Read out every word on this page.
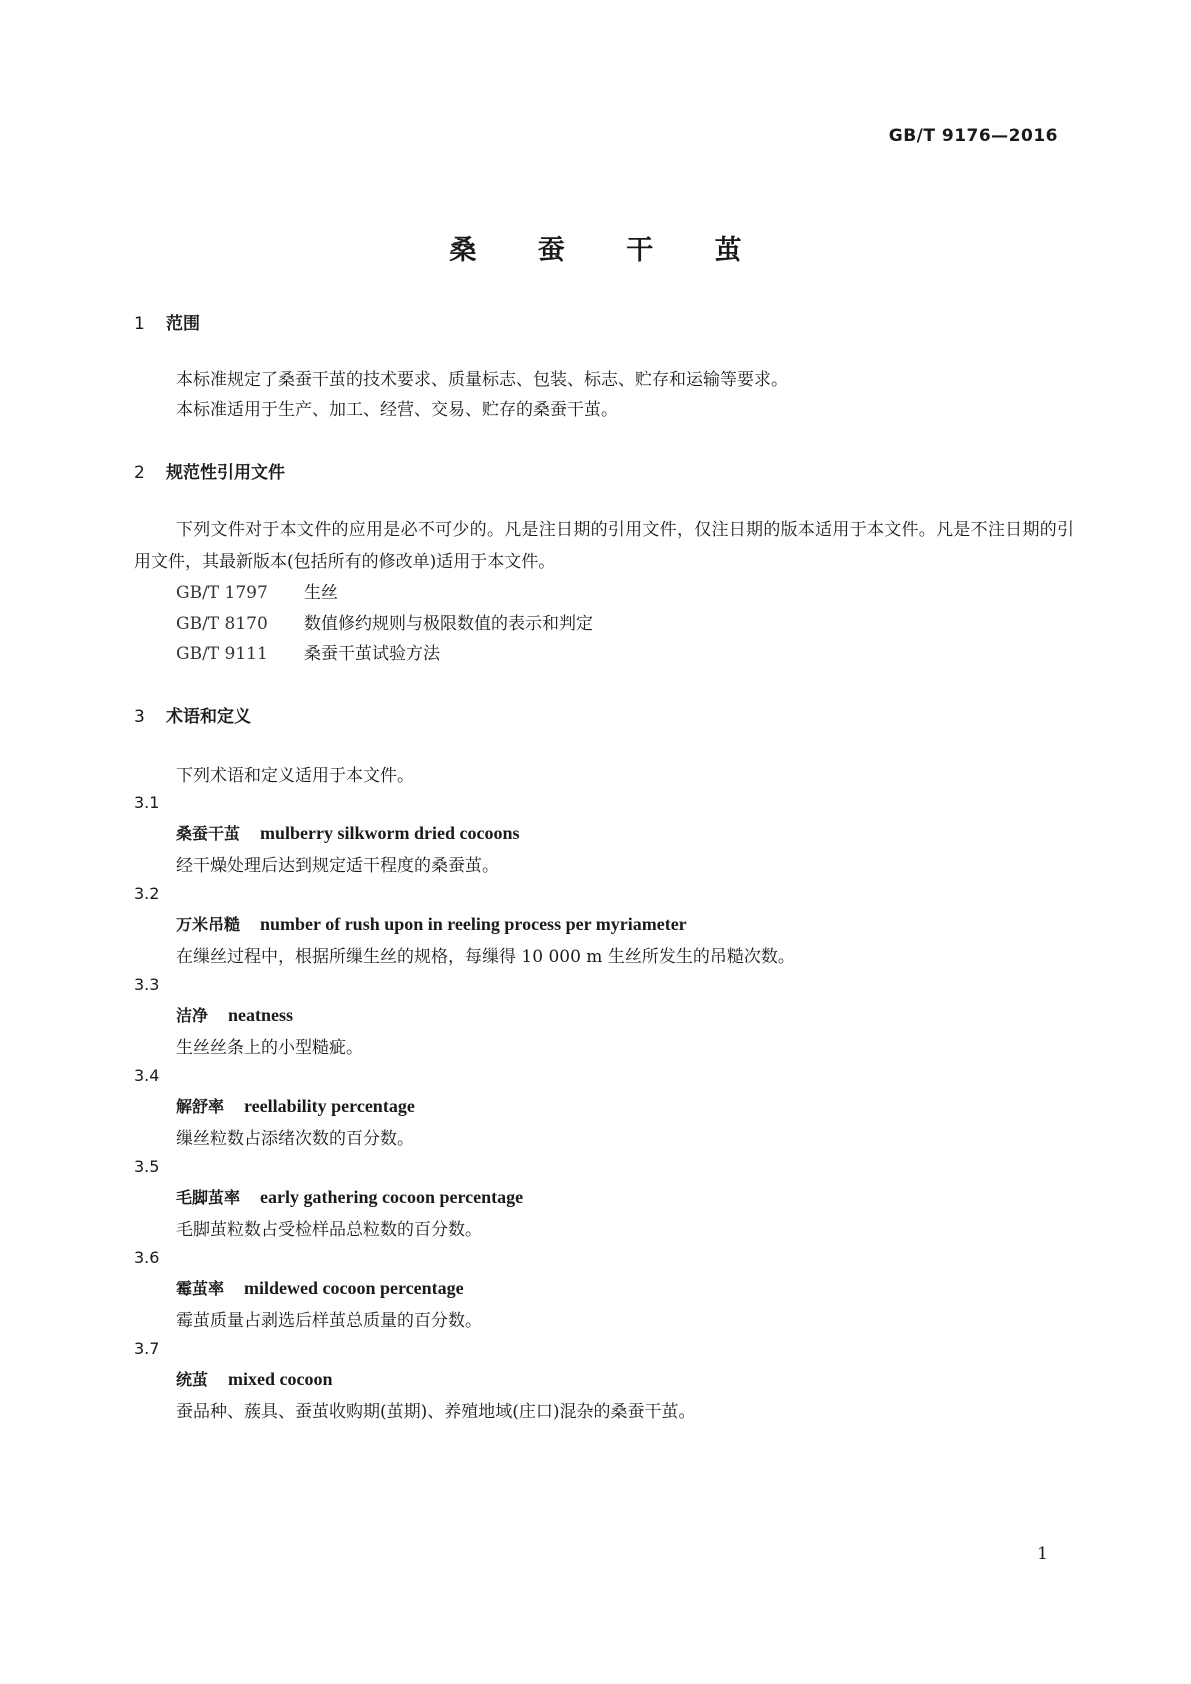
GB/T 9176—2016
桑 蚕 干 茧
1 范围

本标准规定了桑蚕干茧的技术要求、质量标志、包装、标志、贮存和运输等要求。

本标准适用于生产、加工、经营、交易、贮存的桑蚕干茧。

2 规范性引用文件

下列文件对于本文件的应用是必不可少的。凡是注日期的引用文件，仅注日期的版本适用于本文件。凡是不注日期的引用文件，其最新版本(包括所有的修改单)适用于本文件。

GB/T 1797 生丝
GB/T 8170 数值修约规则与极限数值的表示和判定
GB/T 9111 桑蚕干茧试验方法
3 术语和定义
下列术语和定义适用于本文件。
3.1
桑蚕干茧 mulberry silkworm dried cocoons
经干燥处理后达到规定适干程度的桑蚕茧。
3.2
万米吊糙 number of rush upon in reeling process per myriameter
在缫丝过程中，根据所缫生丝的规格，每缫得 10 000 m 生丝所发生的吊糙次数。
3.3
洁净 neatness
生丝丝条上的小型糙疵。
3.4
解舒率 reellability percentage
缫丝粒数占添绪次数的百分数。
3.5
毛脚茧率 early gathering cocoon percentage
毛脚茧粒数占受检样品总粒数的百分数。
3.6
霉茧率 mildewed cocoon percentage
霉茧质量占剥选后样茧总质量的百分数。
3.7
统茧 mixed cocoon
蚕品种、蔟具、蚕茧收购期(茧期)、养殖地域(庄口)混杂的桑蚕干茧。
1
